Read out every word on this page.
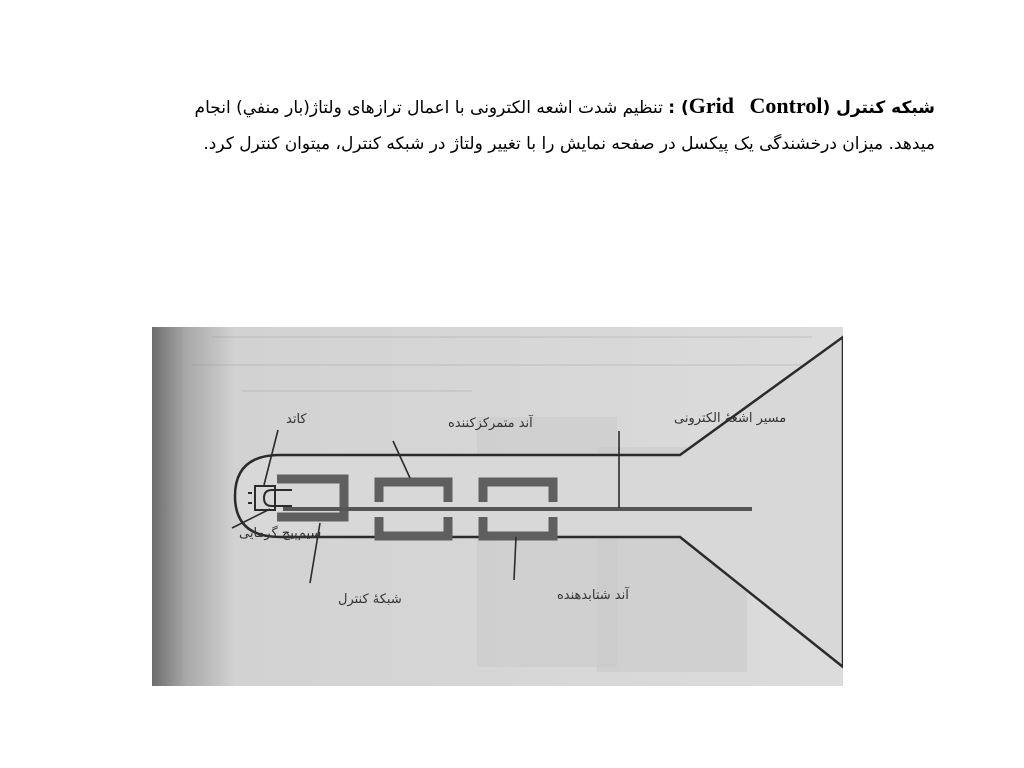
شبکه کنترل (Grid Control) : تنظیم شدت اشعه الکترونی با اعمال ترازهای ولتاژ(بار منفي) انجام
میدهد. میزان درخشندگی یک پیکسل در صفحه نمایش را با تغییر ولتاژ در شبکه کنترل، میتوان کنترل کرد.
کاتد	آند متمرکزکننده	مسیر اشعهٔ الکترونی
سیم‌پیچ گرمایی
شبکهٔ کنترل	آند شتابدهنده
